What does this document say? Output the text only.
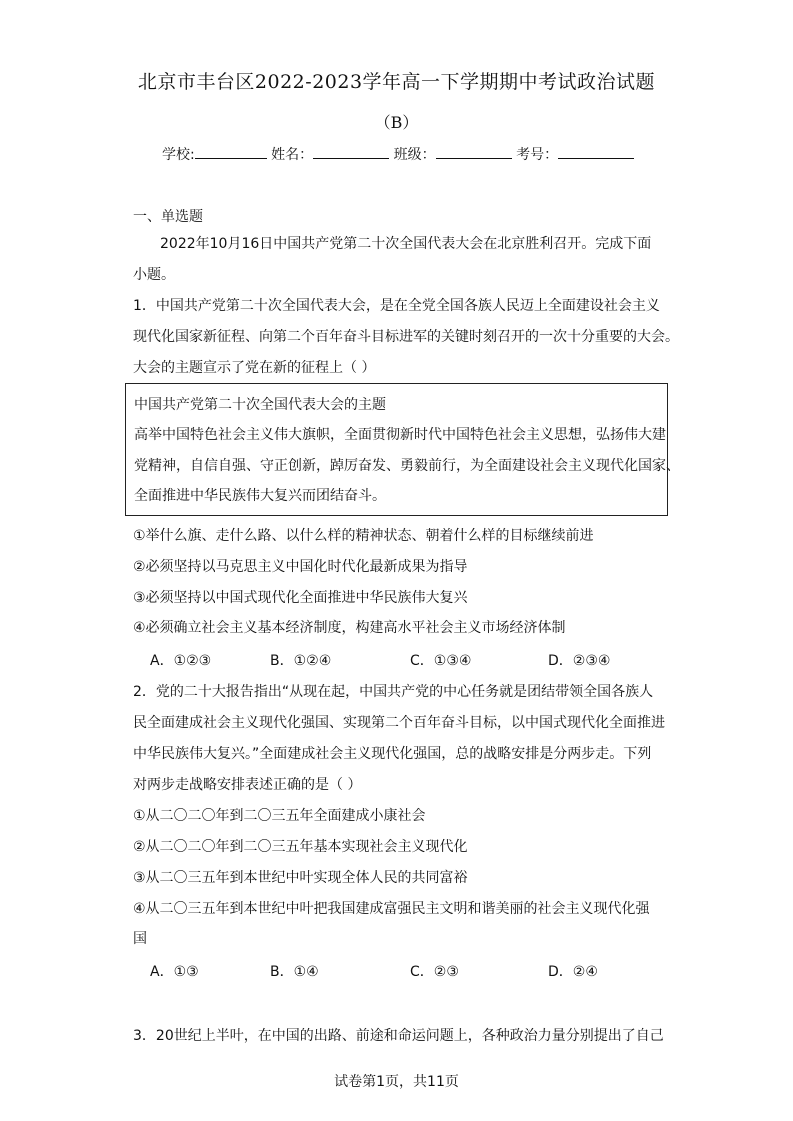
北京市丰台区2022-2023学年高一下学期期中考试政治试题
（B）
学校:	姓名：	班级：	考号：
一、单选题
2022年10月16日中国共产党第二十次全国代表大会在北京胜利召开。完成下面
小题。
1．中国共产党第二十次全国代表大会，是在全党全国各族人民迈上全面建设社会主义
现代化国家新征程、向第二个百年奋斗目标进军的关键时刻召开的一次十分重要的大会。
大会的主题宣示了党在新的征程上（ ）
中国共产党第二十次全国代表大会的主题
高举中国特色社会主义伟大旗帜，全面贯彻新时代中国特色社会主义思想，弘扬伟大建
党精神，自信自强、守正创新，踔厉奋发、勇毅前行，为全面建设社会主义现代化国家、
全面推进中华民族伟大复兴而团结奋斗。
①举什么旗、走什么路、以什么样的精神状态、朝着什么样的目标继续前进
②必须坚持以马克思主义中国化时代化最新成果为指导
③必须坚持以中国式现代化全面推进中华民族伟大复兴
④必须确立社会主义基本经济制度，构建高水平社会主义市场经济体制
A．①②③	B．①②④	C．①③④	D．②③④
2．党的二十大报告指出“从现在起，中国共产党的中心任务就是团结带领全国各族人
民全面建成社会主义现代化强国、实现第二个百年奋斗目标，以中国式现代化全面推进
中华民族伟大复兴。”全面建成社会主义现代化强国，总的战略安排是分两步走。下列
对两步走战略安排表述正确的是（ ）
①从二〇二〇年到二〇三五年全面建成小康社会
②从二〇二〇年到二〇三五年基本实现社会主义现代化
③从二〇三五年到本世纪中叶实现全体人民的共同富裕
④从二〇三五年到本世纪中叶把我国建成富强民主文明和谐美丽的社会主义现代化强
国
A．①③	B．①④	C．②③	D．②④
3．20世纪上半叶，在中国的出路、前途和命运问题上，各种政治力量分别提出了自己
试卷第1页，共11页
